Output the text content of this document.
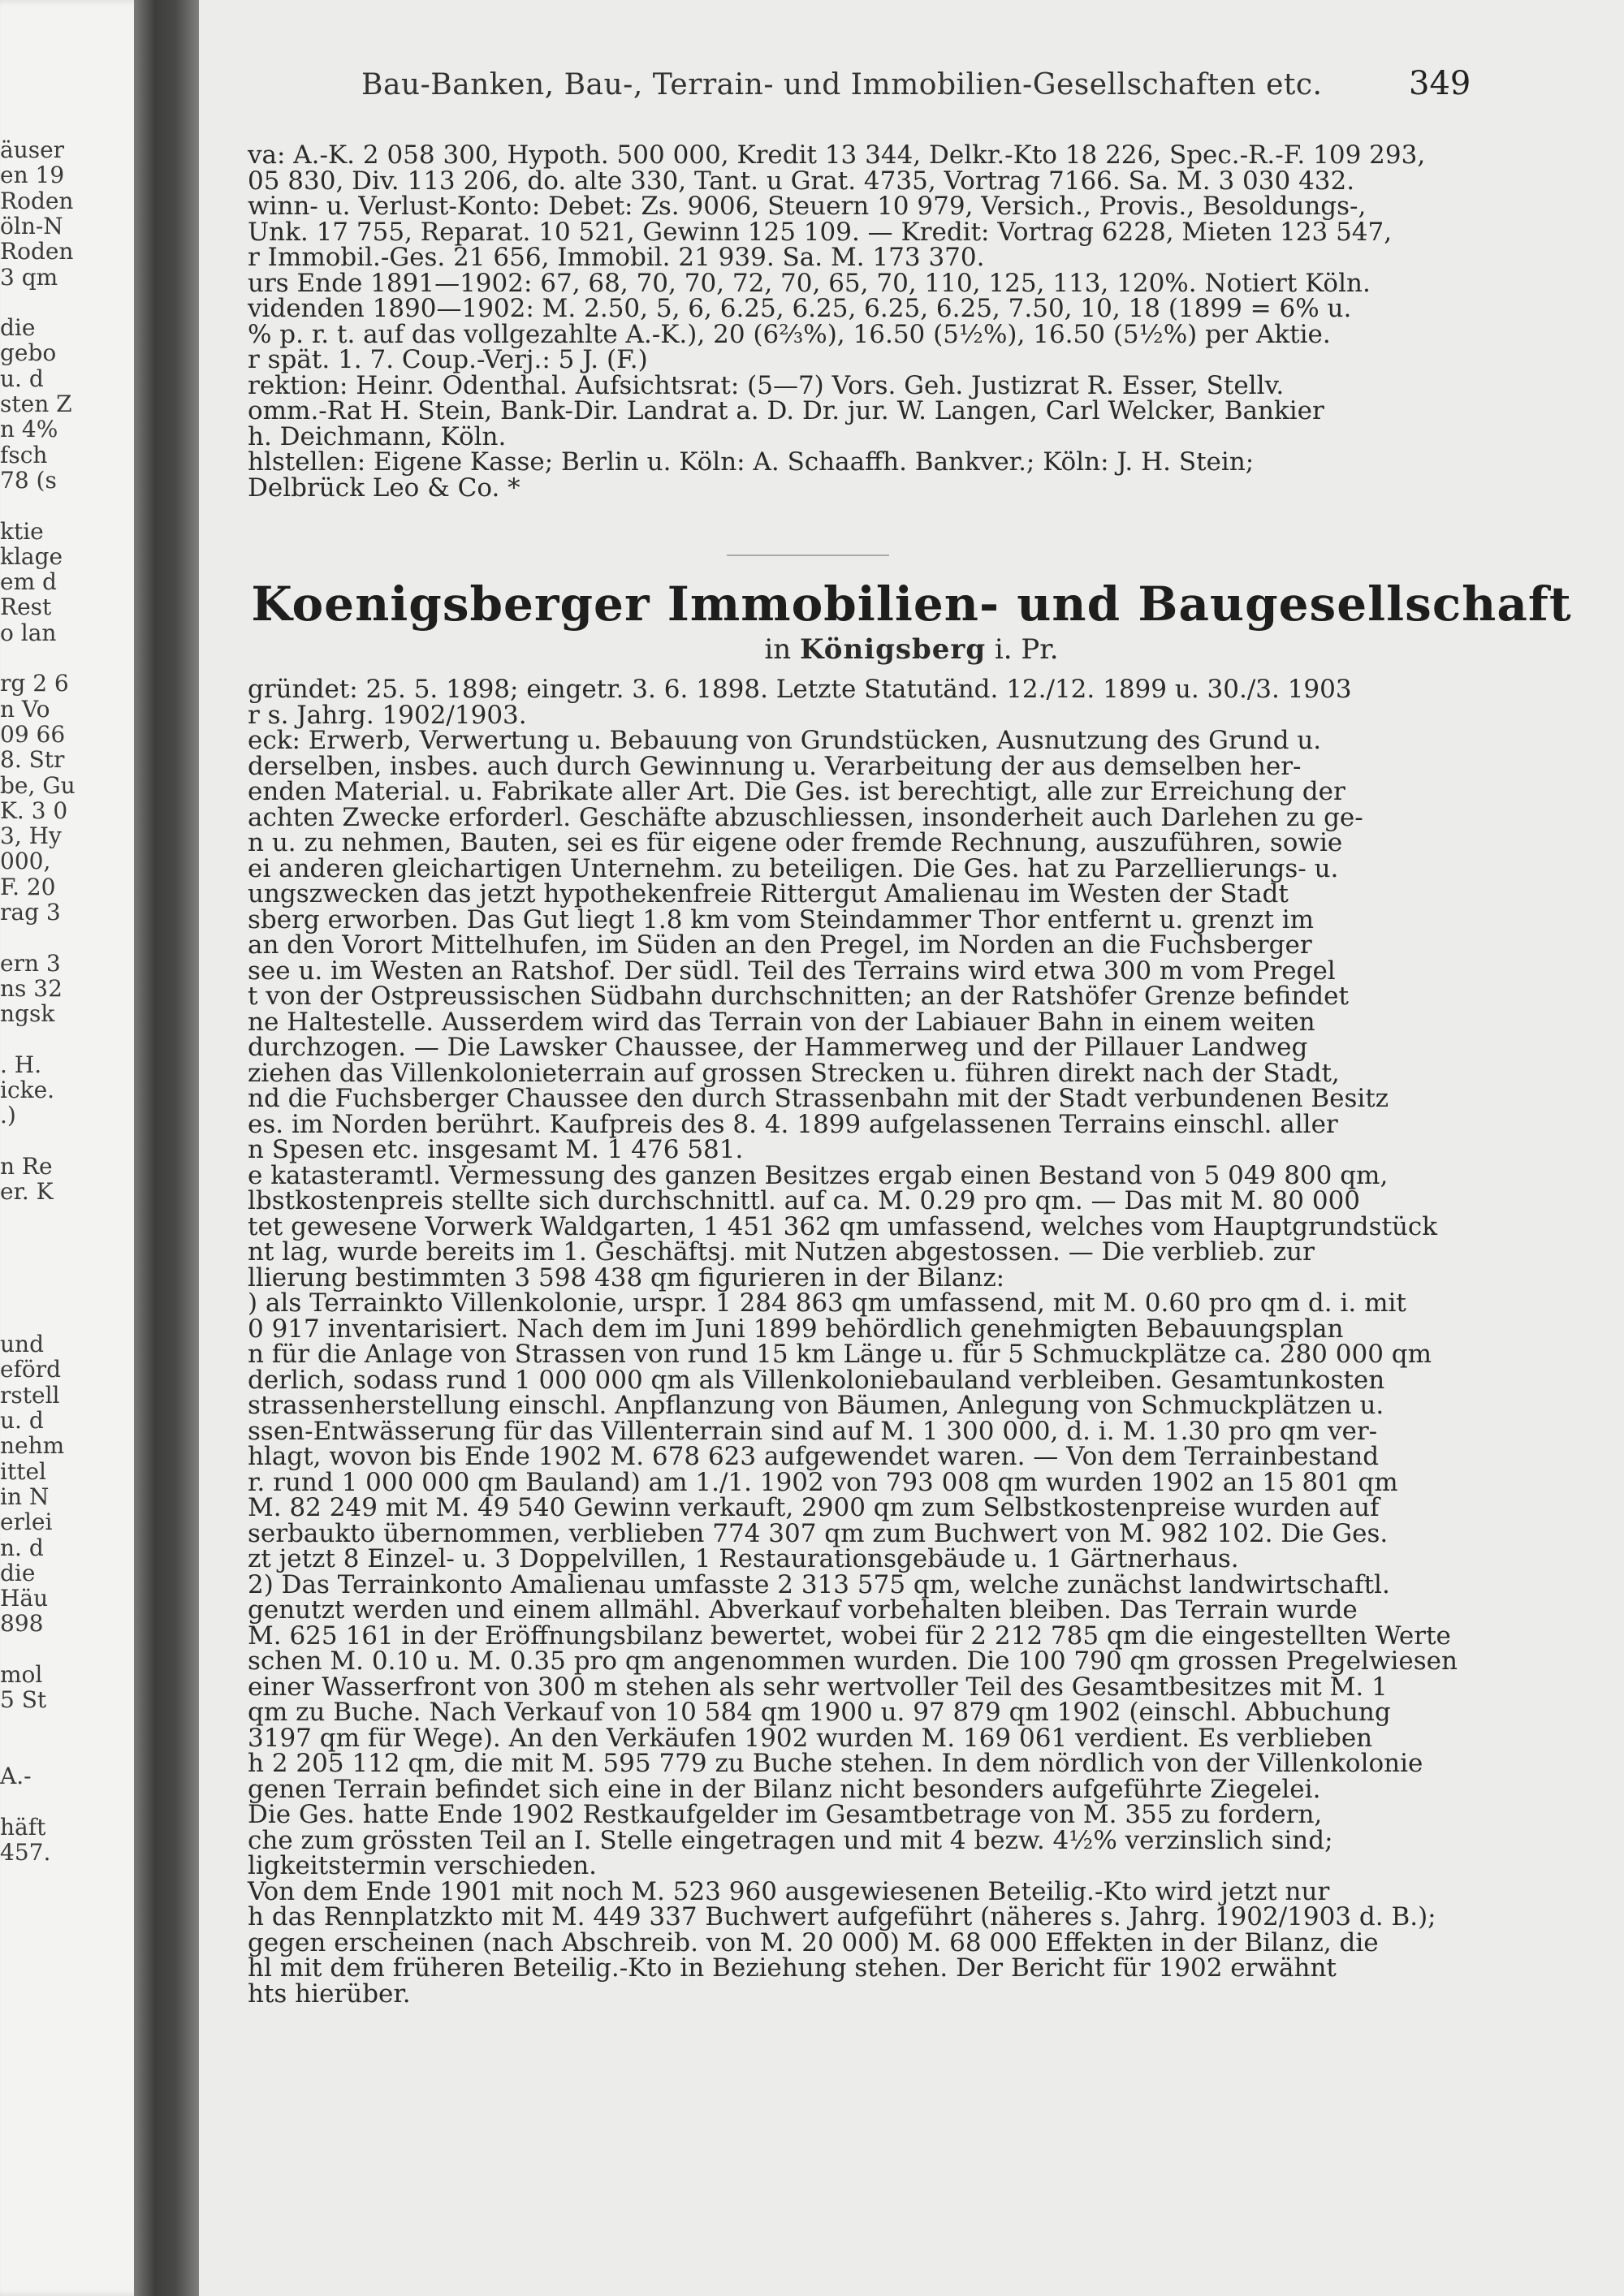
äuser
en 19
Roden
öln-N
Roden
3 qm
die
gebo
u. d
sten Z
n 4%
fsch
78 (s
ktie
klage
em d
Rest
o lan
rg 2 6
n Vo
09 66
8. Str
be, Gu
K. 3 0
3, Hy
000,
F. 20
rag 3
ern 3
ns 32
ngsk
. H.
icke.
.)
n Re
er. K
und
eförd
rstell
u. d
nehm
ittel
in N
erlei
n. d
die
Häu
898
mol
5 St
A.-
häft
457.
Bau-Banken, Bau-, Terrain- und Immobilien-Gesellschaften etc.	349

va: A.-K. 2 058 300, Hypoth. 500 000, Kredit 13 344, Delkr.-Kto 18 226, Spec.-R.-F. 109 293,

05 830, Div. 113 206, do. alte 330, Tant. u Grat. 4735, Vortrag 7166. Sa. M. 3 030 432.

winn- u. Verlust-Konto: Debet: Zs. 9006, Steuern 10 979, Versich., Provis., Besoldungs-,

Unk. 17 755, Reparat. 10 521, Gewinn 125 109. — Kredit: Vortrag 6228, Mieten 123 547,

r Immobil.-Ges. 21 656, Immobil. 21 939. Sa. M. 173 370.

urs Ende 1891—1902: 67, 68, 70, 70, 72, 70, 65, 70, 110, 125, 113, 120%. Notiert Köln.

videnden 1890—1902: M. 2.50, 5, 6, 6.25, 6.25, 6.25, 6.25, 7.50, 10, 18 (1899 = 6% u.

% p. r. t. auf das vollgezahlte A.-K.), 20 (6⅔%), 16.50 (5½%), 16.50 (5½%) per Aktie.

r spät. 1. 7. Coup.-Verj.: 5 J. (F.)

rektion: Heinr. Odenthal. Aufsichtsrat: (5—7) Vors. Geh. Justizrat R. Esser, Stellv.

omm.-Rat H. Stein, Bank-Dir. Landrat a. D. Dr. jur. W. Langen, Carl Welcker, Bankier

h. Deichmann, Köln.

hlstellen: Eigene Kasse; Berlin u. Köln: A. Schaaffh. Bankver.; Köln: J. H. Stein;

Delbrück Leo & Co. *

Koenigsberger Immobilien- und Baugesellschaft
in Königsberg i. Pr.

gründet: 25. 5. 1898; eingetr. 3. 6. 1898. Letzte Statutänd. 12./12. 1899 u. 30./3. 1903

r s. Jahrg. 1902/1903.

eck: Erwerb, Verwertung u. Bebauung von Grundstücken, Ausnutzung des Grund u.

derselben, insbes. auch durch Gewinnung u. Verarbeitung der aus demselben her-

enden Material. u. Fabrikate aller Art. Die Ges. ist berechtigt, alle zur Erreichung der

achten Zwecke erforderl. Geschäfte abzuschliessen, insonderheit auch Darlehen zu ge-

n u. zu nehmen, Bauten, sei es für eigene oder fremde Rechnung, auszuführen, sowie

ei anderen gleichartigen Unternehm. zu beteiligen. Die Ges. hat zu Parzellierungs- u.

ungszwecken das jetzt hypothekenfreie Rittergut Amalienau im Westen der Stadt

sberg erworben. Das Gut liegt 1.8 km vom Steindammer Thor entfernt u. grenzt im

an den Vorort Mittelhufen, im Süden an den Pregel, im Norden an die Fuchsberger

see u. im Westen an Ratshof. Der südl. Teil des Terrains wird etwa 300 m vom Pregel

t von der Ostpreussischen Südbahn durchschnitten; an der Ratshöfer Grenze befindet

ne Haltestelle. Ausserdem wird das Terrain von der Labiauer Bahn in einem weiten

durchzogen. — Die Lawsker Chaussee, der Hammerweg und der Pillauer Landweg

ziehen das Villenkolonieterrain auf grossen Strecken u. führen direkt nach der Stadt,

nd die Fuchsberger Chaussee den durch Strassenbahn mit der Stadt verbundenen Besitz

es. im Norden berührt. Kaufpreis des 8. 4. 1899 aufgelassenen Terrains einschl. aller

n Spesen etc. insgesamt M. 1 476 581.

e katasteramtl. Vermessung des ganzen Besitzes ergab einen Bestand von 5 049 800 qm,

lbstkostenpreis stellte sich durchschnittl. auf ca. M. 0.29 pro qm. — Das mit M. 80 000

tet gewesene Vorwerk Waldgarten, 1 451 362 qm umfassend, welches vom Hauptgrundstück

nt lag, wurde bereits im 1. Geschäftsj. mit Nutzen abgestossen. — Die verblieb. zur

llierung bestimmten 3 598 438 qm figurieren in der Bilanz:

) als Terrainkto Villenkolonie, urspr. 1 284 863 qm umfassend, mit M. 0.60 pro qm d. i. mit

0 917 inventarisiert. Nach dem im Juni 1899 behördlich genehmigten Bebauungsplan

n für die Anlage von Strassen von rund 15 km Länge u. für 5 Schmuckplätze ca. 280 000 qm

derlich, sodass rund 1 000 000 qm als Villenkoloniebauland verbleiben. Gesamtunkosten

strassenherstellung einschl. Anpflanzung von Bäumen, Anlegung von Schmuckplätzen u.

ssen-Entwässerung für das Villenterrain sind auf M. 1 300 000, d. i. M. 1.30 pro qm ver-

hlagt, wovon bis Ende 1902 M. 678 623 aufgewendet waren. — Von dem Terrainbestand

r. rund 1 000 000 qm Bauland) am 1./1. 1902 von 793 008 qm wurden 1902 an 15 801 qm

M. 82 249 mit M. 49 540 Gewinn verkauft, 2900 qm zum Selbstkostenpreise wurden auf

serbaukto übernommen, verblieben 774 307 qm zum Buchwert von M. 982 102. Die Ges.

zt jetzt 8 Einzel- u. 3 Doppelvillen, 1 Restaurationsgebäude u. 1 Gärtnerhaus.

2) Das Terrainkonto Amalienau umfasste 2 313 575 qm, welche zunächst landwirtschaftl.

genutzt werden und einem allmähl. Abverkauf vorbehalten bleiben. Das Terrain wurde

M. 625 161 in der Eröffnungsbilanz bewertet, wobei für 2 212 785 qm die eingestellten Werte

schen M. 0.10 u. M. 0.35 pro qm angenommen wurden. Die 100 790 qm grossen Pregelwiesen

einer Wasserfront von 300 m stehen als sehr wertvoller Teil des Gesamtbesitzes mit M. 1

qm zu Buche. Nach Verkauf von 10 584 qm 1900 u. 97 879 qm 1902 (einschl. Abbuchung

3197 qm für Wege). An den Verkäufen 1902 wurden M. 169 061 verdient. Es verblieben

h 2 205 112 qm, die mit M. 595 779 zu Buche stehen. In dem nördlich von der Villenkolonie

genen Terrain befindet sich eine in der Bilanz nicht besonders aufgeführte Ziegelei.

Die Ges. hatte Ende 1902 Restkaufgelder im Gesamtbetrage von M. 355 zu fordern,

che zum grössten Teil an I. Stelle eingetragen und mit 4 bezw. 4½% verzinslich sind;

ligkeitstermin verschieden.

Von dem Ende 1901 mit noch M. 523 960 ausgewiesenen Beteilig.-Kto wird jetzt nur

h das Rennplatzkto mit M. 449 337 Buchwert aufgeführt (näheres s. Jahrg. 1902/1903 d. B.);

gegen erscheinen (nach Abschreib. von M. 20 000) M. 68 000 Effekten in der Bilanz, die

hl mit dem früheren Beteilig.-Kto in Beziehung stehen. Der Bericht für 1902 erwähnt

hts hierüber.
